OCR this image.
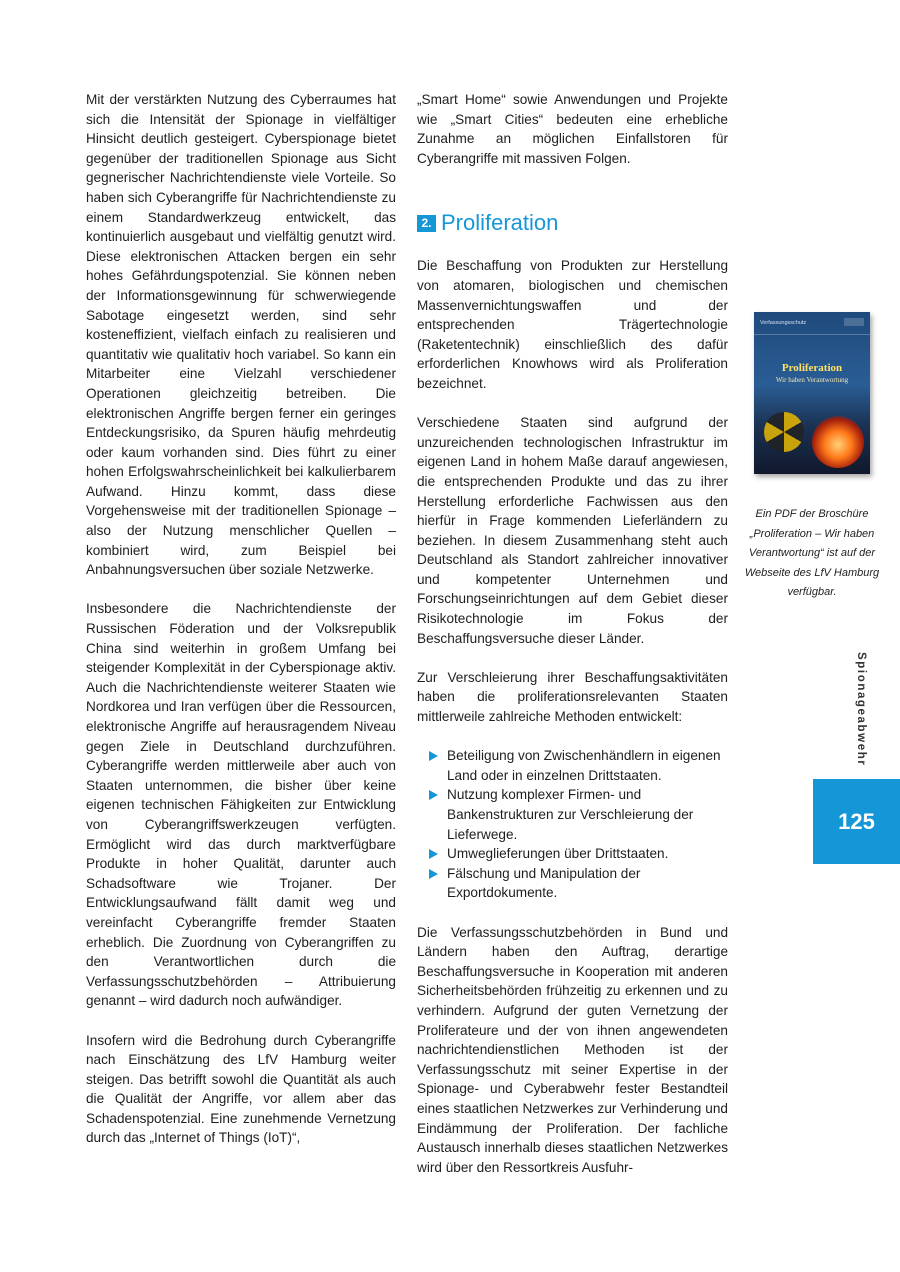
Mit der verstärkten Nutzung des Cyberraumes hat sich die Intensität der Spionage in vielfältiger Hinsicht deutlich gesteigert. Cyberspionage bietet gegenüber der traditionellen Spionage aus Sicht gegnerischer Nachrichtendienste viele Vorteile. So haben sich Cyberangriffe für Nachrichtendienste zu einem Standardwerkzeug entwickelt, das kontinuierlich ausgebaut und vielfältig genutzt wird. Diese elektronischen Attacken bergen ein sehr hohes Gefährdungspotenzial. Sie können neben der Informationsgewinnung für schwerwiegende Sabotage eingesetzt werden, sind sehr kosteneffizient, vielfach einfach zu realisieren und quantitativ wie qualitativ hoch variabel. So kann ein Mitarbeiter eine Vielzahl verschiedener Operationen gleichzeitig betreiben. Die elektronischen Angriffe bergen ferner ein geringes Entdeckungsrisiko, da Spuren häufig mehrdeutig oder kaum vorhanden sind. Dies führt zu einer hohen Erfolgswahrscheinlichkeit bei kalkulierbarem Aufwand. Hinzu kommt, dass diese Vorgehensweise mit der traditionellen Spionage – also der Nutzung menschlicher Quellen – kombiniert wird, zum Beispiel bei Anbahnungsversuchen über soziale Netzwerke.

Insbesondere die Nachrichtendienste der Russischen Föderation und der Volksrepublik China sind weiterhin in großem Umfang bei steigender Komplexität in der Cyberspionage aktiv. Auch die Nachrichtendienste weiterer Staaten wie Nordkorea und Iran verfügen über die Ressourcen, elektronische Angriffe auf herausragendem Niveau gegen Ziele in Deutschland durchzuführen. Cyberangriffe werden mittlerweile aber auch von Staaten unternommen, die bisher über keine eigenen technischen Fähigkeiten zur Entwicklung von Cyberangriffswerkzeugen verfügten. Ermöglicht wird das durch marktverfügbare Produkte in hoher Qualität, darunter auch Schadsoftware wie Trojaner. Der Entwicklungsaufwand fällt damit weg und vereinfacht Cyberangriffe fremder Staaten erheblich. Die Zuordnung von Cyberangriffen zu den Verantwortlichen durch die Verfassungsschutzbehörden – Attribuierung genannt – wird dadurch noch aufwändiger.

Insofern wird die Bedrohung durch Cyberangriffe nach Einschätzung des LfV Hamburg weiter steigen. Das betrifft sowohl die Quantität als auch die Qualität der Angriffe, vor allem aber das Schadenspotenzial. Eine zunehmende Vernetzung durch das „Internet of Things (IoT)“,

„Smart Home“ sowie Anwendungen und Projekte wie „Smart Cities“ bedeuten eine erhebliche Zunahme an möglichen Einfallstoren für Cyberangriffe mit massiven Folgen.

2. Proliferation

Die Beschaffung von Produkten zur Herstellung von atomaren, biologischen und chemischen Massenvernichtungswaffen und der entsprechenden Trägertechnologie (Raketentechnik) einschließlich des dafür erforderlichen Knowhows wird als Proliferation bezeichnet.

Verschiedene Staaten sind aufgrund der unzureichenden technologischen Infrastruktur im eigenen Land in hohem Maße darauf angewiesen, die entsprechenden Produkte und das zu ihrer Herstellung erforderliche Fachwissen aus den hierfür in Frage kommenden Lieferländern zu beziehen. In diesem Zusammenhang steht auch Deutschland als Standort zahlreicher innovativer und kompetenter Unternehmen und Forschungseinrichtungen auf dem Gebiet dieser Risikotechnologie im Fokus der Beschaffungsversuche dieser Länder.

Zur Verschleierung ihrer Beschaffungsaktivitäten haben die proliferationsrelevanten Staaten mittlerweile zahlreiche Methoden entwickelt:

Beteiligung von Zwischenhändlern in eigenen Land oder in einzelnen Drittstaaten.
Nutzung komplexer Firmen- und Bankenstrukturen zur Verschleierung der Lieferwege.
Umweglieferungen über Drittstaaten.
Fälschung und Manipulation der Exportdokumente.

Die Verfassungsschutzbehörden in Bund und Ländern haben den Auftrag, derartige Beschaffungsversuche in Kooperation mit anderen Sicherheitsbehörden frühzeitig zu erkennen und zu verhindern. Aufgrund der guten Vernetzung der Proliferateure und der von ihnen angewendeten nachrichtendienstlichen Methoden ist der Verfassungsschutz mit seiner Expertise in der Spionage- und Cyberabwehr fester Bestandteil eines staatlichen Netzwerkes zur Verhinderung und Eindämmung der Proliferation. Der fachliche Austausch innerhalb dieses staatlichen Netzwerkes wird über den Ressortkreis Ausfuhr-

Verfassungsschutz
Proliferation
Wir haben Verantwortung
Ein PDF der Broschüre „Proliferation – Wir haben Verantwortung“ ist auf der Webseite des LfV Hamburg verfügbar.
Spionageabwehr
125
